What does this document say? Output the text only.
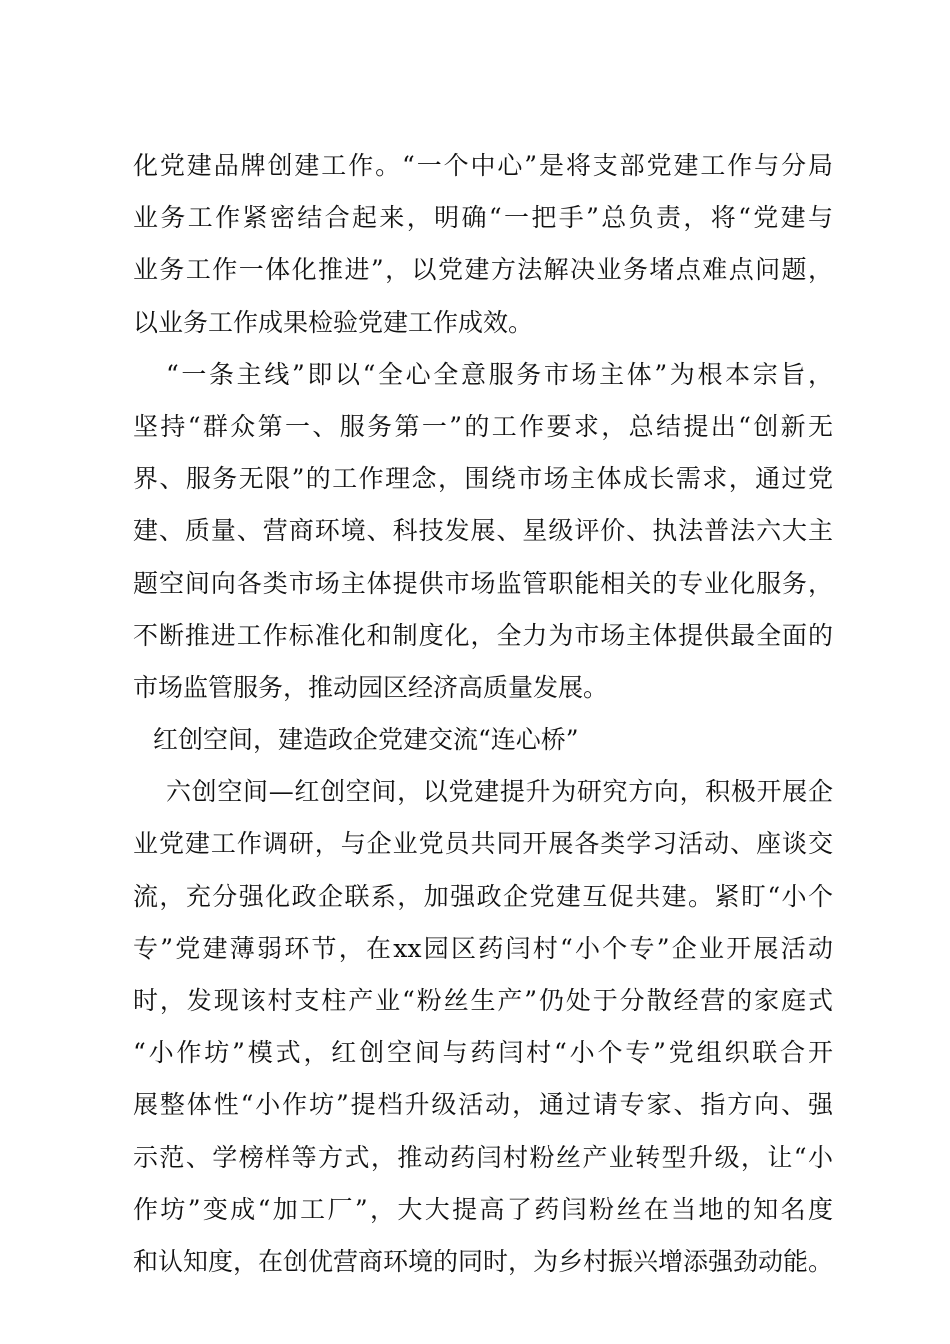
化党建品牌创建工作。“一个中心”是将支部党建工作与分局
业务工作紧密结合起来，明确“一把手”总负责，将“党建与
业务工作一体化推进”，以党建方法解决业务堵点难点问题，
以业务工作成果检验党建工作成效。
“一条主线”即以“全心全意服务市场主体”为根本宗旨，
坚持“群众第一、服务第一”的工作要求，总结提出“创新无
界、服务无限”的工作理念，围绕市场主体成长需求，通过党
建、质量、营商环境、科技发展、星级评价、执法普法六大主
题空间向各类市场主体提供市场监管职能相关的专业化服务，
不断推进工作标准化和制度化，全力为市场主体提供最全面的
市场监管服务，推动园区经济高质量发展。
红创空间，建造政企党建交流“连心桥”
六创空间—红创空间，以党建提升为研究方向，积极开展企
业党建工作调研，与企业党员共同开展各类学习活动、座谈交
流，充分强化政企联系，加强政企党建互促共建。紧盯“小个
专”党建薄弱环节，在xx园区药闫村“小个专”企业开展活动
时，发现该村支柱产业“粉丝生产”仍处于分散经营的家庭式
“小作坊”模式，红创空间与药闫村“小个专”党组织联合开
展整体性“小作坊”提档升级活动，通过请专家、指方向、强
示范、学榜样等方式，推动药闫村粉丝产业转型升级，让“小
作坊”变成“加工厂”，大大提高了药闫粉丝在当地的知名度
和认知度，在创优营商环境的同时，为乡村振兴增添强劲动能。
